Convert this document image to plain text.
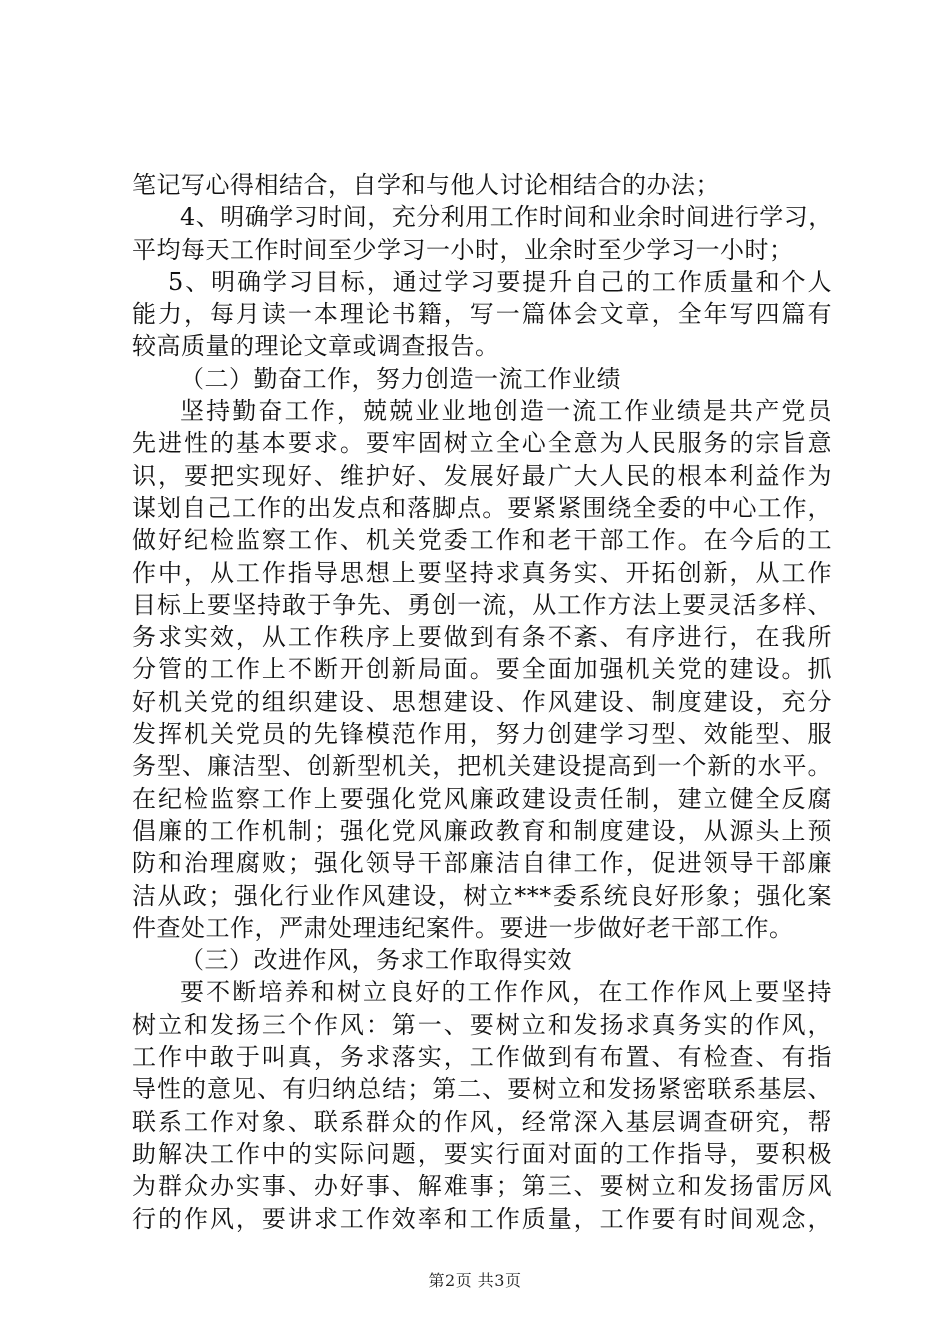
笔记写心得相结合，自学和与他人讨论相结合的办法；
4、明确学习时间，充分利用工作时间和业余时间进行学习，
平均每天工作时间至少学习一小时，业余时至少学习一小时；
5、明确学习目标，通过学习要提升自己的工作质量和个人
能力，每月读一本理论书籍，写一篇体会文章，全年写四篇有
较高质量的理论文章或调查报告。
（二）勤奋工作，努力创造一流工作业绩
坚持勤奋工作，兢兢业业地创造一流工作业绩是共产党员
先进性的基本要求。要牢固树立全心全意为人民服务的宗旨意
识，要把实现好、维护好、发展好最广大人民的根本利益作为
谋划自己工作的出发点和落脚点。要紧紧围绕全委的中心工作，
做好纪检监察工作、机关党委工作和老干部工作。在今后的工
作中，从工作指导思想上要坚持求真务实、开拓创新，从工作
目标上要坚持敢于争先、勇创一流，从工作方法上要灵活多样、
务求实效，从工作秩序上要做到有条不紊、有序进行，在我所
分管的工作上不断开创新局面。要全面加强机关党的建设。抓
好机关党的组织建设、思想建设、作风建设、制度建设，充分
发挥机关党员的先锋模范作用，努力创建学习型、效能型、服
务型、廉洁型、创新型机关，把机关建设提高到一个新的水平。
在纪检监察工作上要强化党风廉政建设责任制，建立健全反腐
倡廉的工作机制；强化党风廉政教育和制度建设，从源头上预
防和治理腐败；强化领导干部廉洁自律工作，促进领导干部廉
洁从政；强化行业作风建设，树立***委系统良好形象；强化案
件查处工作，严肃处理违纪案件。要进一步做好老干部工作。
（三）改进作风，务求工作取得实效
要不断培养和树立良好的工作作风，在工作作风上要坚持
树立和发扬三个作风：第一、要树立和发扬求真务实的作风，
工作中敢于叫真，务求落实，工作做到有布置、有检查、有指
导性的意见、有归纳总结；第二、要树立和发扬紧密联系基层、
联系工作对象、联系群众的作风，经常深入基层调查研究，帮
助解决工作中的实际问题，要实行面对面的工作指导，要积极
为群众办实事、办好事、解难事；第三、要树立和发扬雷厉风
行的作风，要讲求工作效率和工作质量，工作要有时间观念，
第2页 共3页
